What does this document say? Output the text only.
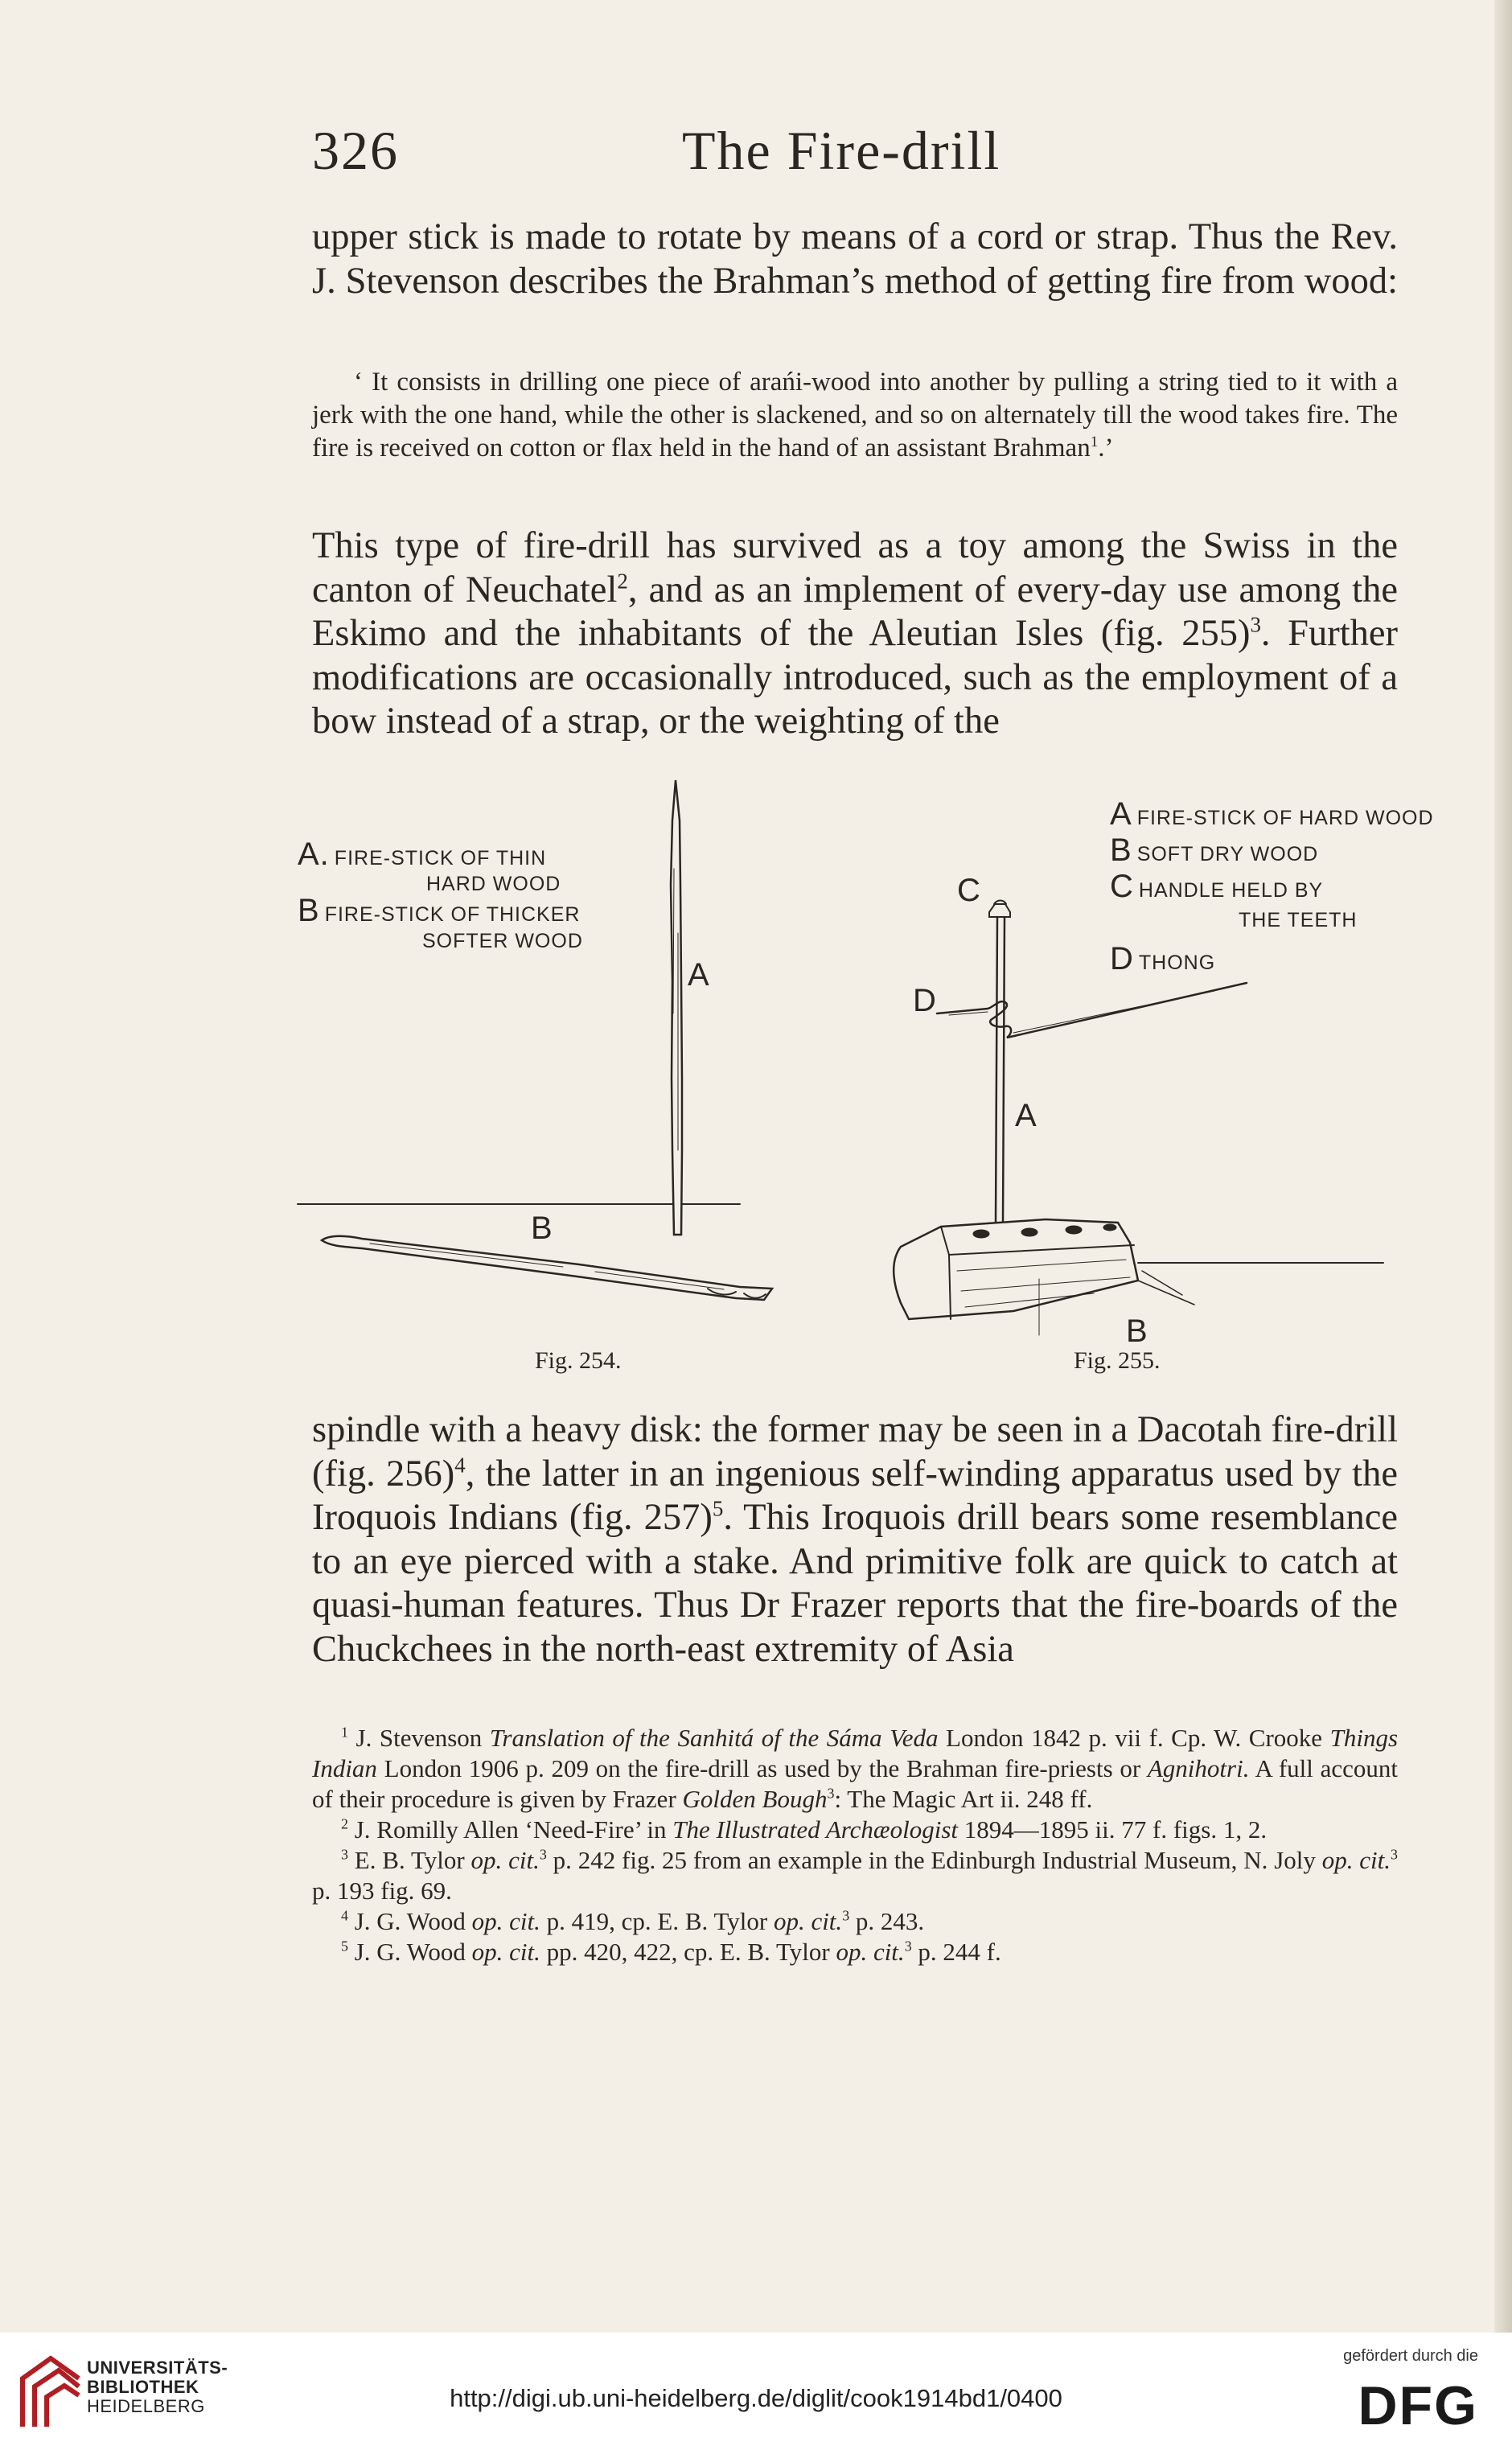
326	The Fire-drill
upper stick is made to rotate by means of a cord or strap. Thus the Rev. J. Stevenson describes the Brahman’s method of getting fire from wood:
‘ It consists in drilling one piece of arańi-wood into another by pulling a string tied to it with a jerk with the one hand, while the other is slackened, and so on alternately till the wood takes fire. The fire is received on cotton or flax held in the hand of an assistant Brahman$^1$.’
This type of fire-drill has survived as a toy among the Swiss in the canton of Neuchatel$^2$, and as an implement of every-day use among the Eskimo and the inhabitants of the Aleutian Isles (fig. 255)$^3$. Further modifications are occasionally introduced, such as the employment of a bow instead of a strap, or the weighting of the
A. FIRE-STICK OF THIN
HARD WOOD
B FIRE-STICK OF THICKER
SOFTER WOOD
A
B
Fig. 254.
A FIRE-STICK OF HARD WOOD
B SOFT DRY WOOD
C HANDLE HELD BY
THE TEETH
D THONG
C
D
A
B
Fig. 255.
spindle with a heavy disk: the former may be seen in a Dacotah fire-drill (fig. 256)$^4$, the latter in an ingenious self-winding apparatus used by the Iroquois Indians (fig. 257)$^5$. This Iroquois drill bears some resemblance to an eye pierced with a stake. And primitive folk are quick to catch at quasi-human features. Thus Dr Frazer reports that the fire-boards of the Chuckchees in the north-east extremity of Asia

$^1$ J. Stevenson Translation of the Sanhitá of the Sáma Veda London 1842 p. vii f. Cp. W. Crooke Things Indian London 1906 p. 209 on the fire-drill as used by the Brahman fire-priests or Agnihotri. A full account of their procedure is given by Frazer Golden Bough$^3$: The Magic Art ii. 248 ff.

$^2$ J. Romilly Allen ‘Need-Fire’ in The Illustrated Archæologist 1894—1895 ii. 77 f. figs. 1, 2.

$^3$ E. B. Tylor op. cit.$^3$ p. 242 fig. 25 from an example in the Edinburgh Industrial Museum, N. Joly op. cit.$^3$ p. 193 fig. 69.

$^4$ J. G. Wood op. cit. p. 419, cp. E. B. Tylor op. cit.$^3$ p. 243.

$^5$ J. G. Wood op. cit. pp. 420, 422, cp. E. B. Tylor op. cit.$^3$ p. 244 f.

UNIVERSITÄTS-
BIBLIOTHEK
HEIDELBERG	http://digi.ub.uni-heidelberg.de/diglit/cook1914bd1/0400
gefördert durch die
DFG
